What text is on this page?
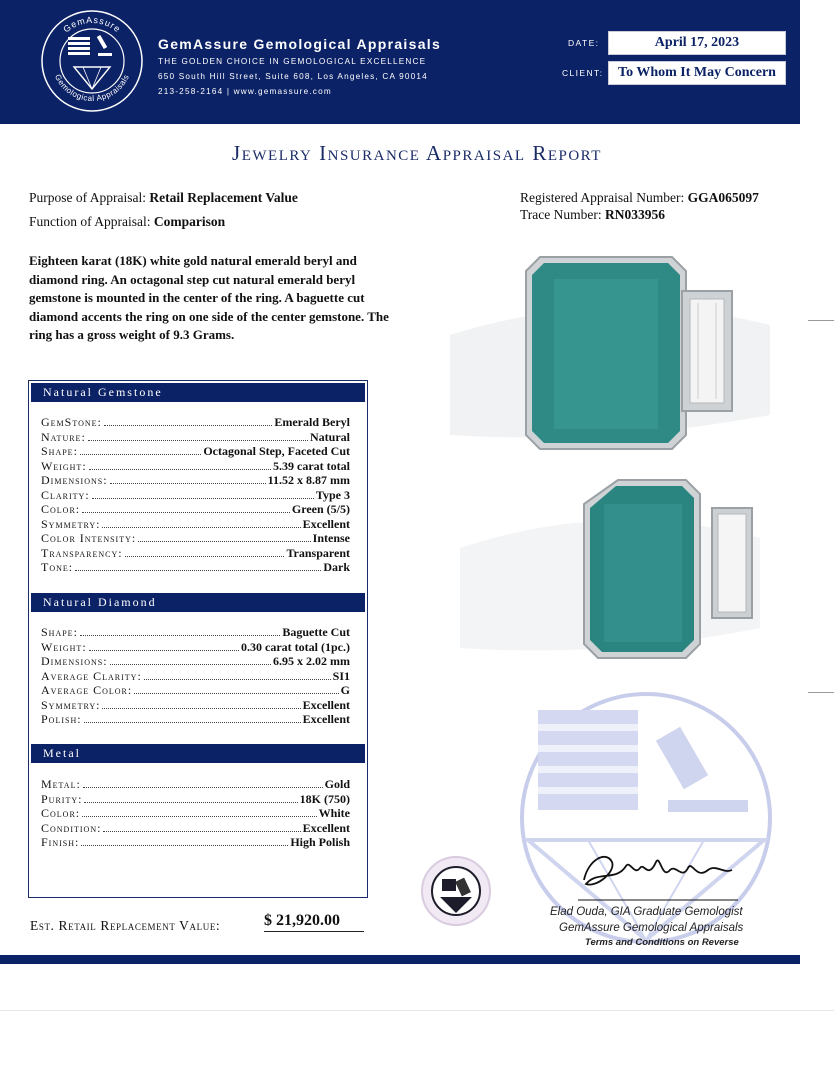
GemAssure
Gemological Appraisals
GemAssure Gemological Appraisals
THE GOLDEN CHOICE IN GEMOLOGICAL EXCELLENCE
650 South Hill Street, Suite 608, Los Angeles, CA 90014
213-258-2164 | www.gemassure.com
DATE:	April 17, 2023
CLIENT:	To Whom It May Concern
Jewelry Insurance Appraisal Report
Purpose of Appraisal: Retail Replacement Value
Function of Appraisal: Comparison
Registered Appraisal Number: GGA065097
Trace Number: RN033956
Eighteen karat (18K) white gold natural emerald beryl and diamond ring. An octagonal step cut natural emerald beryl gemstone is mounted in the center of the ring. A baguette cut diamond accents the ring on one side of the center gemstone. The ring has a gross weight of 9.3 Grams.
Natural Gemstone
GemStone:	Emerald Beryl
Nature:	Natural
Shape:	Octagonal Step, Faceted Cut
Weight:	5.39 carat total
Dimensions:	11.52 x 8.87 mm
Clarity:	Type 3
Color:	Green (5/5)
Symmetry:	Excellent
Color Intensity:	Intense
Transparency:	Transparent
Tone:	Dark
Natural Diamond
Shape:	Baguette Cut
Weight:	0.30 carat total (1pc.)
Dimensions:	6.95 x 2.02 mm
Average Clarity:	SI1
Average Color:	G
Symmetry:	Excellent
Polish:	Excellent
Metal
Metal:	Gold
Purity:	18K (750)
Color:	White
Condition:	Excellent
Finish:	High Polish
Elad Ouda, GIA Graduate Gemologist
GemAssure Gemological Appraisals
Terms and Conditions on Reverse
Est. Retail Replacement Value:	$ 21,920.00
